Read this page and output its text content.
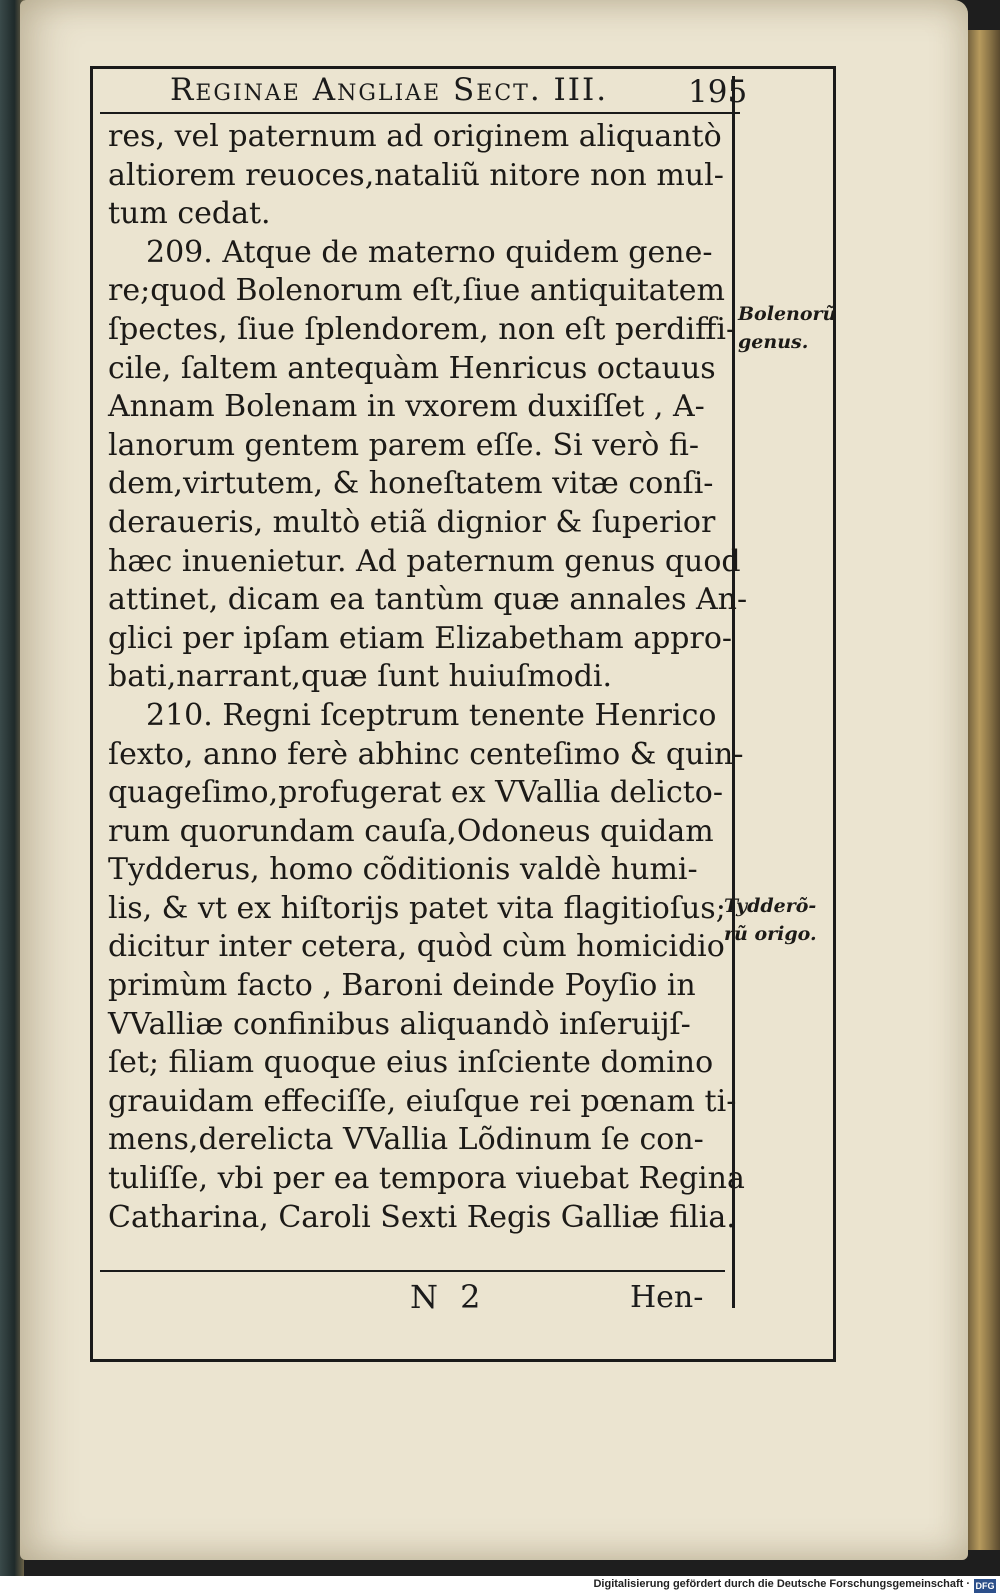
Reginae Angliae Sect. III.	195
res, vel paternum ad originem aliquantò
altiorem reuoces,nataliũ nitore non mul-
tum cedat.
209. Atque de materno quidem gene-
re;quod Bolenorum eſt,ſiue antiquitatem
ſpectes, ſiue ſplendorem, non eſt perdiffi-
cile, ſaltem antequàm Henricus octauus
Annam Bolenam in vxorem duxiſſet , A-
lanorum gentem parem eſſe. Si verò fi-
dem,virtutem, & honeſtatem vitæ conſi-
deraueris, multò etiã dignior & ſuperior
hæc inuenietur. Ad paternum genus quod
attinet, dicam ea tantùm quæ annales An-
glici per ipſam etiam Elizabetham appro-
bati,narrant,quæ ſunt huiuſmodi.
210. Regni ſceptrum tenente Henrico
ſexto, anno ferè abhinc centeſimo & quin-
quageſimo,profugerat ex VVallia delicto-
rum quorundam cauſa,Odoneus quidam
Tydderus, homo cõditionis valdè humi-
lis, & vt ex hiſtorijs patet vita flagitioſus;
dicitur inter cetera, quòd cùm homicidio
primùm facto , Baroni deinde Poyſio in
VValliæ confinibus aliquandò inſeruijſ-
ſet; filiam quoque eius inſciente domino
grauidam effeciſſe, eiuſque rei pœnam ti-
mens,derelicta VVallia Lõdinum ſe con-
tuliſſe, vbi per ea tempora viuebat Regina
Catharina, Caroli Sexti Regis Galliæ filia.
Bolenorũ
genus.
Tydderõ-
rũ origo.
N 2	Hen-
Digitalisierung gefördert durch die Deutsche Forschungsgemeinschaft · DFG
